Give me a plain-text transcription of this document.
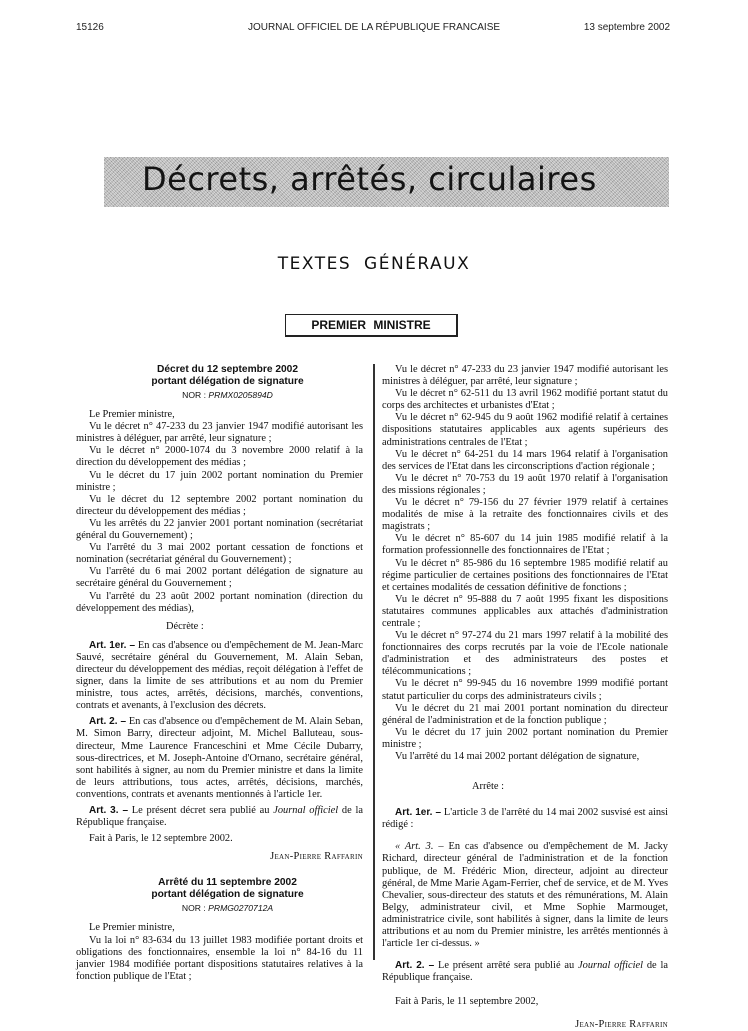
15126	JOURNAL OFFICIEL DE LA RÉPUBLIQUE FRANCAISE	13 septembre 2002
Décrets, arrêtés, circulaires
TEXTES GÉNÉRAUX
PREMIER MINISTRE
Décret du 12 septembre 2002
portant délégation de signature
NOR : PRMX0205894D

Le Premier ministre,

Vu le décret n° 47-233 du 23 janvier 1947 modifié autorisant les ministres à déléguer, par arrêté, leur signature ;

Vu le décret n° 2000-1074 du 3 novembre 2000 relatif à la direction du développement des médias ;

Vu le décret du 17 juin 2002 portant nomination du Premier ministre ;

Vu le décret du 12 septembre 2002 portant nomination du directeur du développement des médias ;

Vu les arrêtés du 22 janvier 2001 portant nomination (secrétariat général du Gouvernement) ;

Vu l'arrêté du 3 mai 2002 portant cessation de fonctions et nomination (secrétariat général du Gouvernement) ;

Vu l'arrêté du 6 mai 2002 portant délégation de signature au secrétaire général du Gouvernement ;

Vu l'arrêté du 23 août 2002 portant nomination (direction du développement des médias),

Décrète :

Art. 1er. – En cas d'absence ou d'empêchement de M. Jean-Marc Sauvé, secrétaire général du Gouvernement, M. Alain Seban, directeur du développement des médias, reçoit délégation à l'effet de signer, dans la limite de ses attributions et au nom du Premier ministre, tous actes, arrêtés, décisions, marchés, conventions, contrats et avenants, à l'exclusion des décrets.

Art. 2. – En cas d'absence ou d'empêchement de M. Alain Seban, M. Simon Barry, directeur adjoint, M. Michel Balluteau, sous-directeur, Mme Laurence Franceschini et Mme Cécile Dubarry, sous-directrices, et M. Joseph-Antoine d'Ornano, secrétaire général, sont habilités à signer, au nom du Premier ministre et dans la limite de leurs attributions, tous actes, arrêtés, décisions, marchés, conventions, contrats et avenants mentionnés à l'article 1er.

Art. 3. – Le présent décret sera publié au Journal officiel de la République française.

Fait à Paris, le 12 septembre 2002.

Jean-Pierre Raffarin

Arrêté du 11 septembre 2002
portant délégation de signature
NOR : PRMG0270712A

Le Premier ministre,

Vu la loi n° 83-634 du 13 juillet 1983 modifiée portant droits et obligations des fonctionnaires, ensemble la loi n° 84-16 du 11 janvier 1984 modifiée portant dispositions statutaires relatives à la fonction publique de l'Etat ;

Vu le décret n° 47-233 du 23 janvier 1947 modifié autorisant les ministres à déléguer, par arrêté, leur signature ;

Vu le décret n° 62-511 du 13 avril 1962 modifié portant statut du corps des architectes et urbanistes d'Etat ;

Vu le décret n° 62-945 du 9 août 1962 modifié relatif à certaines dispositions statutaires applicables aux agents supérieurs des administrations centrales de l'Etat ;

Vu le décret n° 64-251 du 14 mars 1964 relatif à l'organisation des services de l'Etat dans les circonscriptions d'action régionale ;

Vu le décret n° 70-753 du 19 août 1970 relatif à l'organisation des missions régionales ;

Vu le décret n° 79-156 du 27 février 1979 relatif à certaines modalités de mise à la retraite des fonctionnaires civils et des magistrats ;

Vu le décret n° 85-607 du 14 juin 1985 modifié relatif à la formation professionnelle des fonctionnaires de l'Etat ;

Vu le décret n° 85-986 du 16 septembre 1985 modifié relatif au régime particulier de certaines positions des fonctionnaires de l'Etat et certaines modalités de cessation définitive de fonctions ;

Vu le décret n° 95-888 du 7 août 1995 fixant les dispositions statutaires communes applicables aux attachés d'administration centrale ;

Vu le décret n° 97-274 du 21 mars 1997 relatif à la mobilité des fonctionnaires des corps recrutés par la voie de l'Ecole nationale d'administration et des administrateurs des postes et télécommunications ;

Vu le décret n° 99-945 du 16 novembre 1999 modifié portant statut particulier du corps des administrateurs civils ;

Vu le décret du 21 mai 2001 portant nomination du directeur général de l'administration et de la fonction publique ;

Vu le décret du 17 juin 2002 portant nomination du Premier ministre ;

Vu l'arrêté du 14 mai 2002 portant délégation de signature,

Arrête :

Art. 1er. – L'article 3 de l'arrêté du 14 mai 2002 susvisé est ainsi rédigé :

« Art. 3. – En cas d'absence ou d'empêchement de M. Jacky Richard, directeur général de l'administration et de la fonction publique, de M. Frédéric Mion, directeur, adjoint au directeur général, de Mme Marie Agam-Ferrier, chef de service, et de M. Yves Chevalier, sous-directeur des statuts et des rémunérations, M. Alain Belgy, administrateur civil, et Mme Sophie Marmouget, administratrice civile, sont habilités à signer, dans la limite de leurs attributions et au nom du Premier ministre, les arrêtés mentionnés à l'article 1er ci-dessus. »

Art. 2. – Le présent arrêté sera publié au Journal officiel de la République française.

Fait à Paris, le 11 septembre 2002,

Jean-Pierre Raffarin
